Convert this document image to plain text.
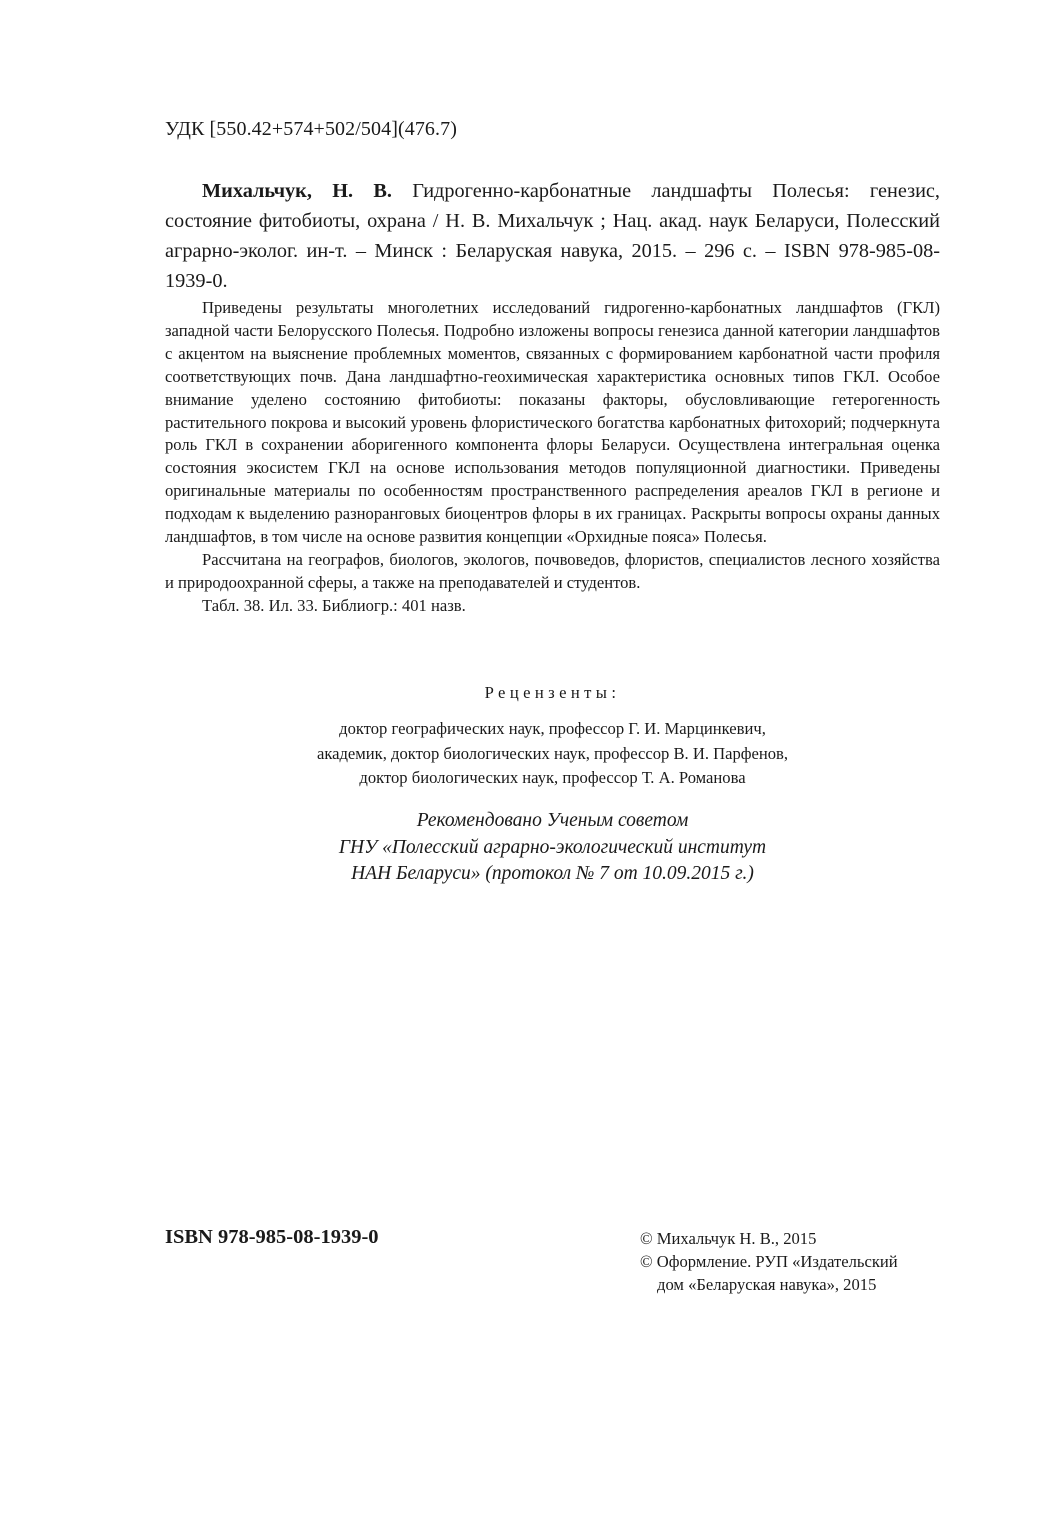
УДК [550.42+574+502/504](476.7)
Михальчук, Н. В. Гидрогенно-карбонатные ландшафты Полесья: генезис, состояние фитобиоты, охрана / Н. В. Михальчук ; Нац. акад. наук Беларуси, Полесский аграрно-эколог. ин-т. – Минск : Беларуская навука, 2015. – 296 с. – ISBN 978-985-08-1939-0.

Приведены результаты многолетних исследований гидрогенно-карбонатных ландшафтов (ГКЛ) западной части Белорусского Полесья. Подробно изложены вопросы генезиса данной категории ландшафтов с акцентом на выяснение проблемных моментов, связанных с формированием карбонатной части профиля соответствующих почв. Дана ландшафтно-геохимическая характеристика основных типов ГКЛ. Особое внимание уделено состоянию фитобиоты: показаны факторы, обусловливающие гетерогенность растительного покрова и высокий уровень флористического богатства карбонатных фитохорий; подчеркнута роль ГКЛ в сохранении аборигенного компонента флоры Беларуси. Осуществлена интегральная оценка состояния экосистем ГКЛ на основе использования методов популяционной диагностики. Приведены оригинальные материалы по особенностям пространственного распределения ареалов ГКЛ в регионе и подходам к выделению разноранговых биоцентров флоры в их границах. Раскрыты вопросы охраны данных ландшафтов, в том числе на основе развития концепции «Орхидные пояса» Полесья.

Рассчитана на географов, биологов, экологов, почвоведов, флористов, специалистов лесного хозяйства и природоохранной сферы, а также на преподавателей и студентов.

Табл. 38. Ил. 33. Библиогр.: 401 назв.

Рецензенты:
доктор географических наук, профессор Г. И. Марцинкевич,
академик, доктор биологических наук, профессор В. И. Парфенов,
доктор биологических наук, профессор Т. А. Романова
Рекомендовано Ученым советом
ГНУ «Полесский аграрно-экологический институт
НАН Беларуси» (протокол № 7 от 10.09.2015 г.)
ISBN 978-985-08-1939-0	© Михальчук Н. В., 2015
© Оформление. РУП «Издательский
дом «Беларуская навука», 2015
